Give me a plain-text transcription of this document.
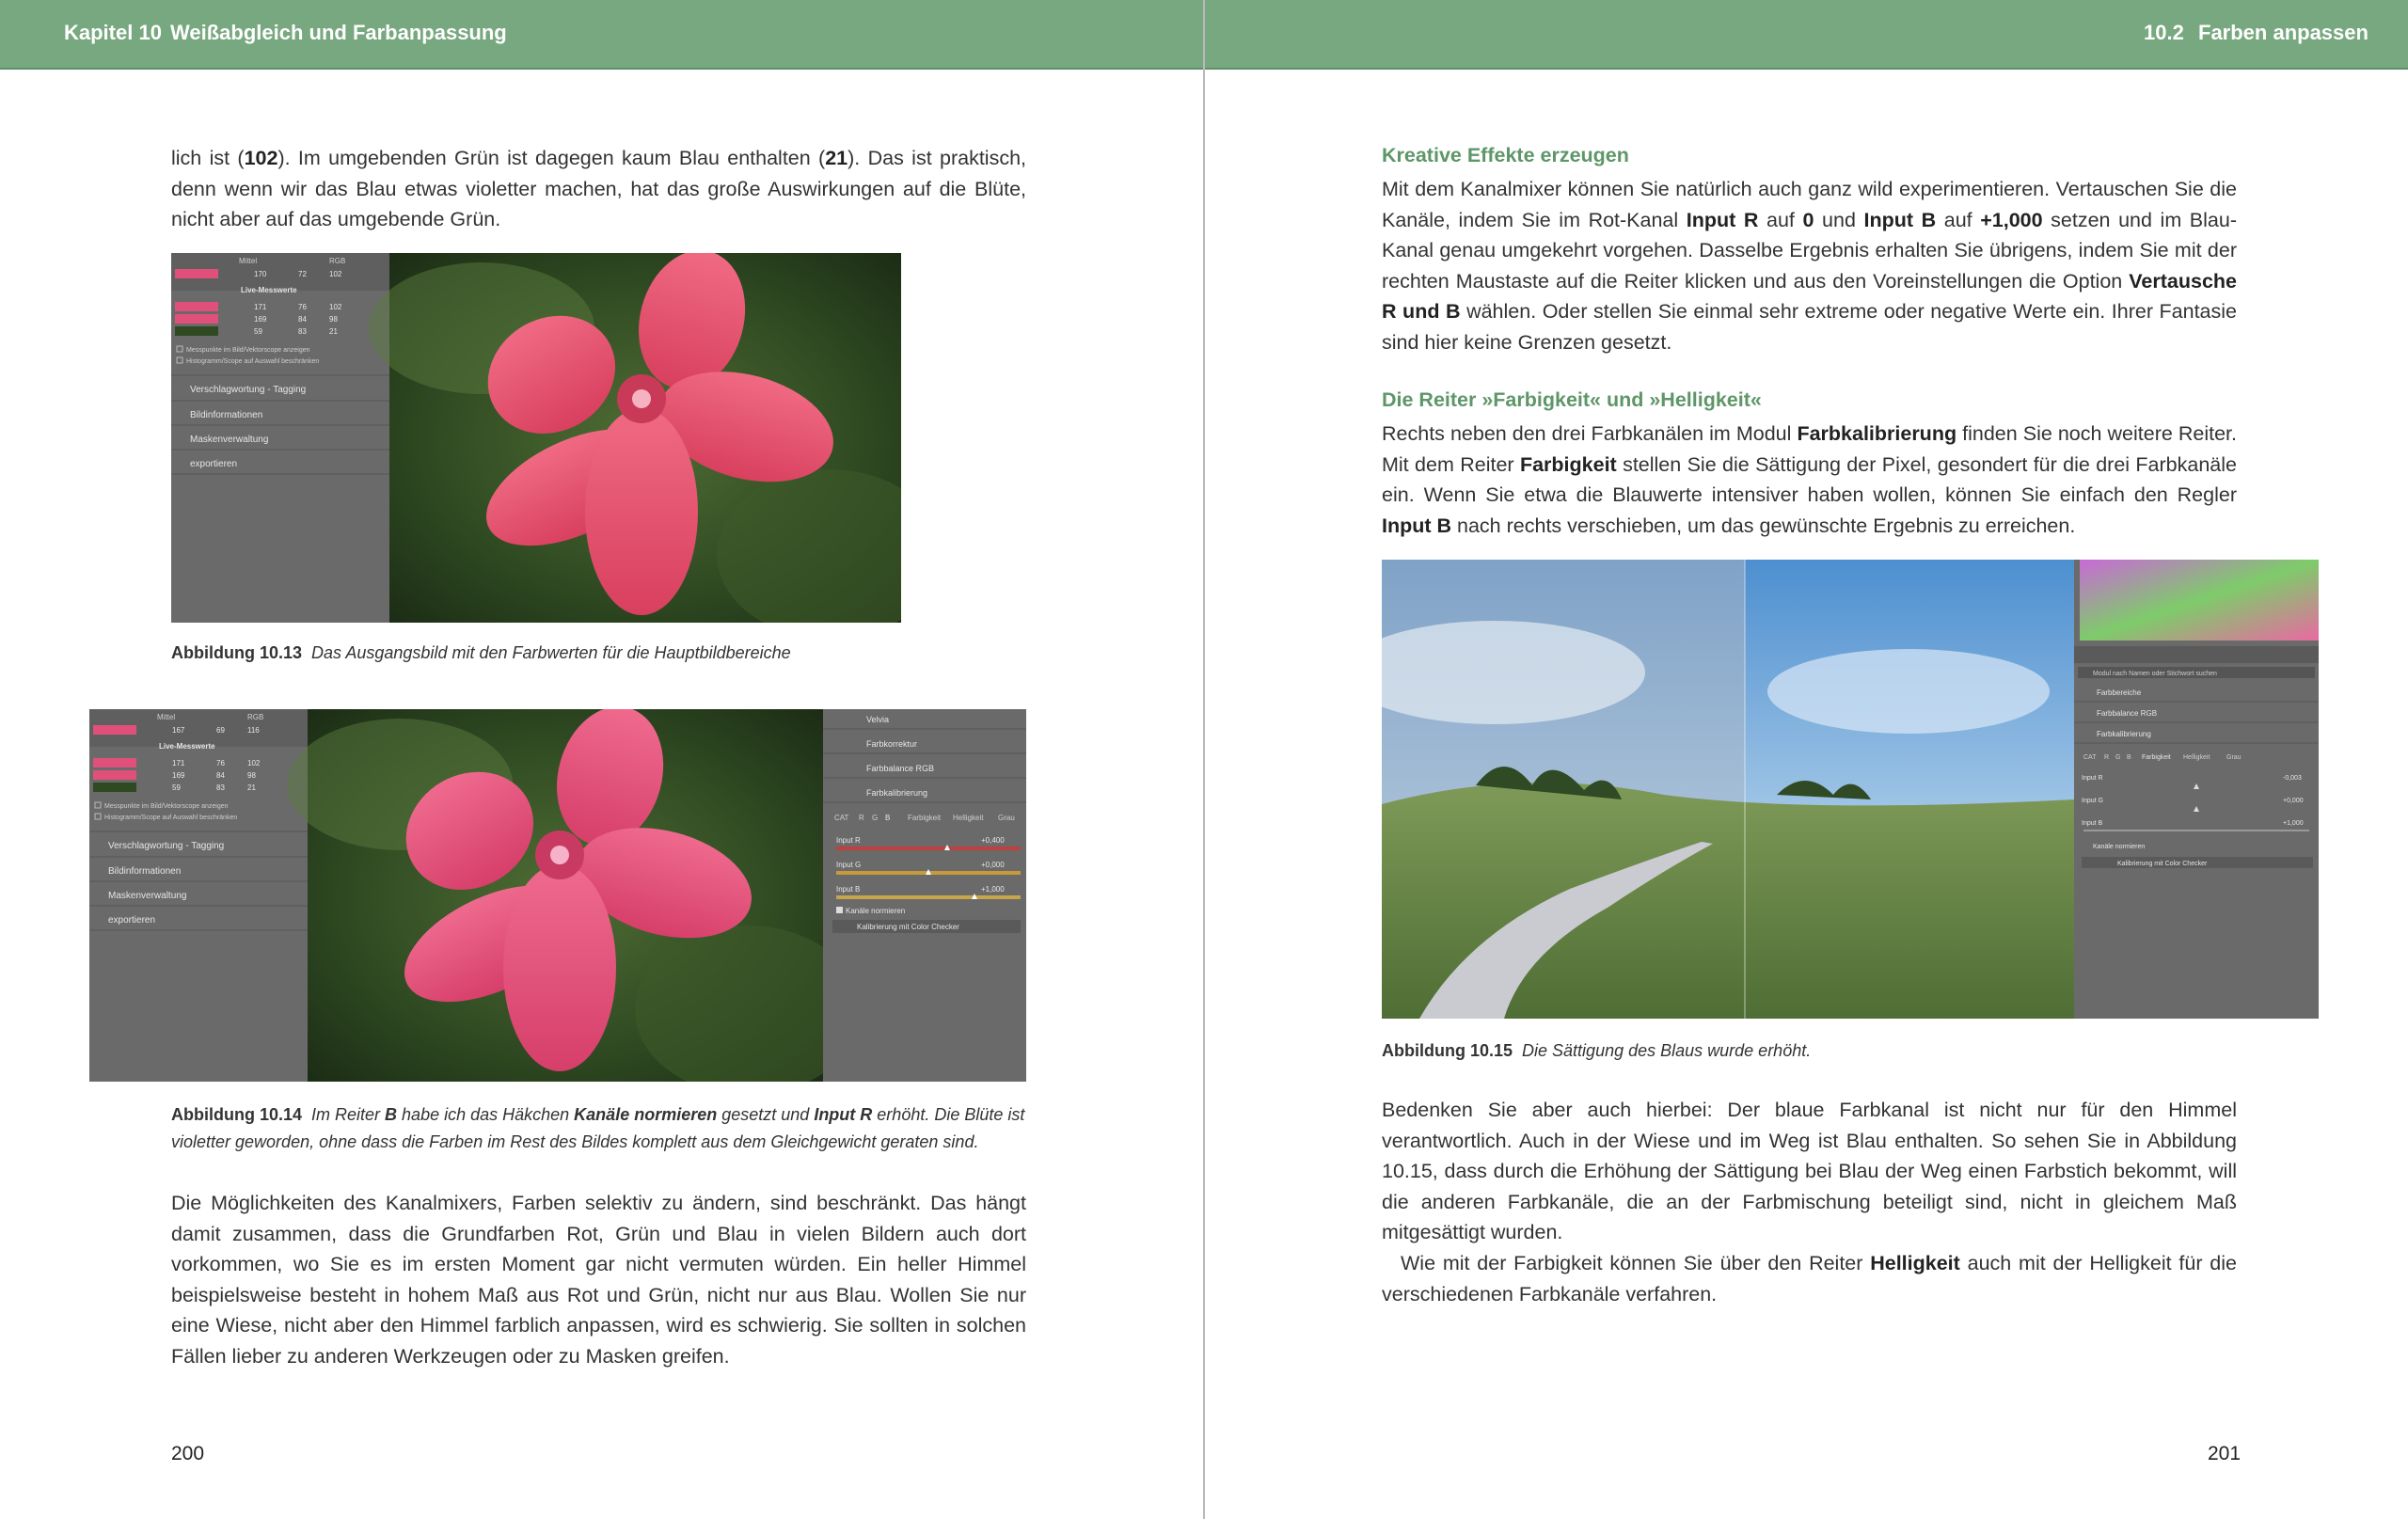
Kapitel 10 Weißabgleich und Farbanpassung

lich ist (102). Im umgebenden Grün ist dagegen kaum Blau enthalten (21). Das ist praktisch, denn wenn wir das Blau etwas violetter machen, hat das große Auswirkungen auf die Blüte, nicht aber auf das umgebende Grün.

Mittel	RGB
170	72	102
Live-Messwerte
171	76	102
169	84	98
59	83	21
Messpunkte im Bild/Vektorscope anzeigen
Histogramm/Scope auf Auswahl beschränken
Verschlagwortung - Tagging
Bildinformationen
Maskenverwaltung
exportieren

Abbildung 10.13 Das Ausgangsbild mit den Farbwerten für die Hauptbildbereiche

Mittel	RGB
167	69	116
Live-Messwerte
171	76	102
169	84	98
59	83	21
Messpunkte im Bild/Vektorscope anzeigen
Histogramm/Scope auf Auswahl beschränken
Verschlagwortung - Tagging
Bildinformationen
Maskenverwaltung
exportieren
Velvia
Farbkorrektur
Farbbalance RGB
Farbkalibrierung
CAT R G B Farbigkeit Helligkeit Grau
Input R	+0,400
Input G	+0,000
Input B	+1,000
Kanäle normieren
Kalibrierung mit Color Checker

Abbildung 10.14 Im Reiter B habe ich das Häkchen Kanäle normieren gesetzt und Input R erhöht. Die Blüte ist violetter geworden, ohne dass die Farben im Rest des Bildes komplett aus dem Gleichgewicht geraten sind.

Die Möglichkeiten des Kanalmixers, Farben selektiv zu ändern, sind beschränkt. Das hängt damit zusammen, dass die Grundfarben Rot, Grün und Blau in vielen Bildern auch dort vorkommen, wo Sie es im ersten Moment gar nicht vermuten würden. Ein heller Himmel beispielsweise besteht in hohem Maß aus Rot und Grün, nicht nur aus Blau. Wollen Sie nur eine Wiese, nicht aber den Himmel farblich anpassen, wird es schwierig. Sie sollten in solchen Fällen lieber zu anderen Werkzeugen oder zu Masken greifen.

200
10.2 Farben anpassen

Kreative Effekte erzeugen

Mit dem Kanalmixer können Sie natürlich auch ganz wild experimentieren. Vertauschen Sie die Kanäle, indem Sie im Rot-Kanal Input R auf 0 und Input B auf +1,000 setzen und im Blau-Kanal genau umgekehrt vorgehen. Dasselbe Ergebnis erhalten Sie übrigens, indem Sie mit der rechten Maustaste auf die Reiter klicken und aus den Voreinstellungen die Option Vertausche R und B wählen. Oder stellen Sie einmal sehr extreme oder negative Werte ein. Ihrer Fantasie sind hier keine Grenzen gesetzt.

Die Reiter »Farbigkeit« und »Helligkeit«

Rechts neben den drei Farbkanälen im Modul Farbkalibrierung finden Sie noch weitere Reiter. Mit dem Reiter Farbigkeit stellen Sie die Sättigung der Pixel, gesondert für die drei Farbkanäle ein. Wenn Sie etwa die Blauwerte intensiver haben wollen, können Sie einfach den Regler Input B nach rechts verschieben, um das gewünschte Ergebnis zu erreichen.

Modul nach Namen oder Stichwort suchen
Farbbereiche
Farbbalance RGB
Farbkalibrierung
CAT R G B Farbigkeit Helligkeit	Grau
Input R	-0,003
Input G	+0,000
Input B	+1,000
Kanäle normieren
Kalibrierung mit Color Checker

Abbildung 10.15 Die Sättigung des Blaus wurde erhöht.

Bedenken Sie aber auch hierbei: Der blaue Farbkanal ist nicht nur für den Himmel verantwortlich. Auch in der Wiese und im Weg ist Blau enthalten. So sehen Sie in Abbildung 10.15, dass durch die Erhöhung der Sättigung bei Blau der Weg einen Farbstich bekommt, will die anderen Farbkanäle, die an der Farbmischung beteiligt sind, nicht in gleichem Maß mitgesättigt wurden.

Wie mit der Farbigkeit können Sie über den Reiter Helligkeit auch mit der Helligkeit für die verschiedenen Farbkanäle verfahren.

201
